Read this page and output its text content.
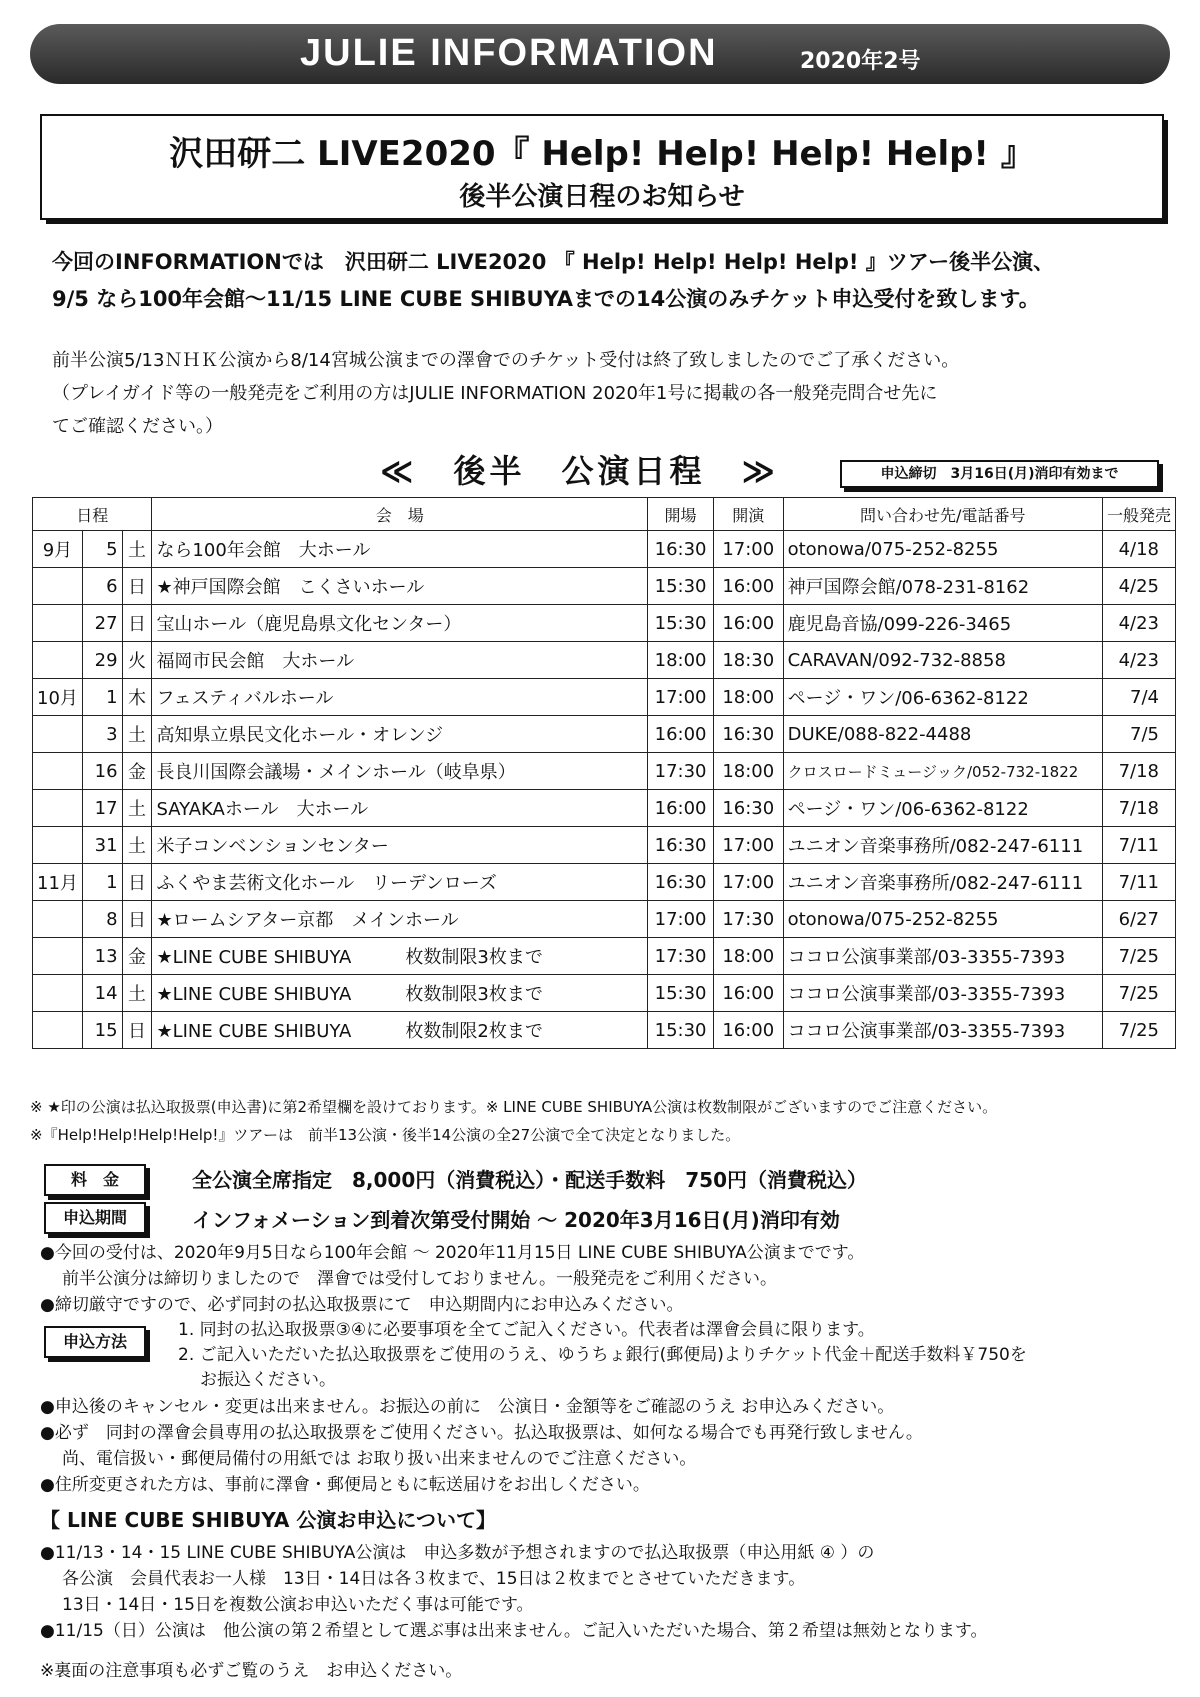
JULIE INFORMATION	2020年2号
沢田研二 LIVE2020『 Help! Help! Help! Help! 』
後半公演日程のお知らせ
今回のINFORMATIONでは　沢田研二 LIVE2020 『 Help! Help! Help! Help! 』ツアー後半公演、
9/5 なら100年会館～11/15 LINE CUBE SHIBUYAまでの14公演のみチケット申込受付を致します。
前半公演5/13ＮＨＫ公演から8/14宮城公演までの澤會でのチケット受付は終了致しましたのでご了承ください。
（プレイガイド等の一般発売をご利用の方はJULIE INFORMATION 2020年1号に掲載の各一般発売問合せ先に
てご確認ください。）
≪　後半　公演日程　≫	申込締切　3月16日(月)消印有効まで
日程			会　場	開場	開演	問い合わせ先/電話番号	一般発売
9月	5	土	なら100年会館　大ホール	16:30	17:00	otonowa/075-252-8255	4/18
	6	日	★神戸国際会館　こくさいホール	15:30	16:00	神戸国際会館/078-231-8162	4/25
	27	日	宝山ホール（鹿児島県文化センター）	15:30	16:00	鹿児島音協/099-226-3465	4/23
	29	火	福岡市民会館　大ホール	18:00	18:30	CARAVAN/092-732-8858	4/23
10月	1	木	フェスティバルホール	17:00	18:00	ページ・ワン/06-6362-8122	7/4
	3	土	高知県立県民文化ホール・オレンジ	16:00	16:30	DUKE/088-822-4488	7/5
	16	金	長良川国際会議場・メインホール（岐阜県）	17:30	18:00	クロスロードミュージック/052-732-1822	7/18
	17	土	SAYAKAホール　大ホール	16:00	16:30	ページ・ワン/06-6362-8122	7/18
	31	土	米子コンベンションセンター	16:30	17:00	ユニオン音楽事務所/082-247-6111	7/11
11月	1	日	ふくやま芸術文化ホール　リーデンローズ	16:30	17:00	ユニオン音楽事務所/082-247-6111	7/11
	8	日	★ロームシアター京都　メインホール	17:00	17:30	otonowa/075-252-8255	6/27
	13	金	★LINE CUBE SHIBUYA　　　枚数制限3枚まで	17:30	18:00	ココロ公演事業部/03-3355-7393	7/25
	14	土	★LINE CUBE SHIBUYA　　　枚数制限3枚まで	15:30	16:00	ココロ公演事業部/03-3355-7393	7/25
	15	日	★LINE CUBE SHIBUYA　　　枚数制限2枚まで	15:30	16:00	ココロ公演事業部/03-3355-7393	7/25
※ ★印の公演は払込取扱票(申込書)に第2希望欄を設けております。※ LINE CUBE SHIBUYA公演は枚数制限がございますのでご注意ください。
※『Help!Help!Help!Help!』ツアーは　前半13公演・後半14公演の全27公演で全て決定となりました。
料　金	全公演全席指定　8,000円（消費税込）・配送手数料　750円（消費税込）
申込期間	インフォメーション到着次第受付開始 ～ 2020年3月16日(月)消印有効
●今回の受付は、2020年9月5日なら100年会館 ～ 2020年11月15日 LINE CUBE SHIBUYA公演までです。
前半公演分は締切りましたので　澤會では受付しておりません。一般発売をご利用ください。
●締切厳守ですので、必ず同封の払込取扱票にて　申込期間内にお申込みください。
申込方法
1. 同封の払込取扱票③④に必要事項を全てご記入ください。代表者は澤會会員に限ります。
2. ご記入いただいた払込取扱票をご使用のうえ、ゆうちょ銀行(郵便局)よりチケット代金＋配送手数料￥750を
お振込ください。
●申込後のキャンセル・変更は出来ません。お振込の前に　公演日・金額等をご確認のうえ お申込みください。
●必ず　同封の澤會会員専用の払込取扱票をご使用ください。払込取扱票は、如何なる場合でも再発行致しません。
尚、電信扱い・郵便局備付の用紙では お取り扱い出来ませんのでご注意ください。
●住所変更された方は、事前に澤會・郵便局ともに転送届けをお出しください。
【 LINE CUBE SHIBUYA 公演お申込について】
●11/13・14・15 LINE CUBE SHIBUYA公演は　申込多数が予想されますので払込取扱票（申込用紙 ④ ）の
各公演　会員代表お一人様　13日・14日は各３枚まで、15日は２枚までとさせていただきます。
13日・14日・15日を複数公演お申込いただく事は可能です。
●11/15（日）公演は　他公演の第２希望として選ぶ事は出来ません。ご記入いただいた場合、第２希望は無効となります。
※裏面の注意事項も必ずご覧のうえ　お申込ください。
